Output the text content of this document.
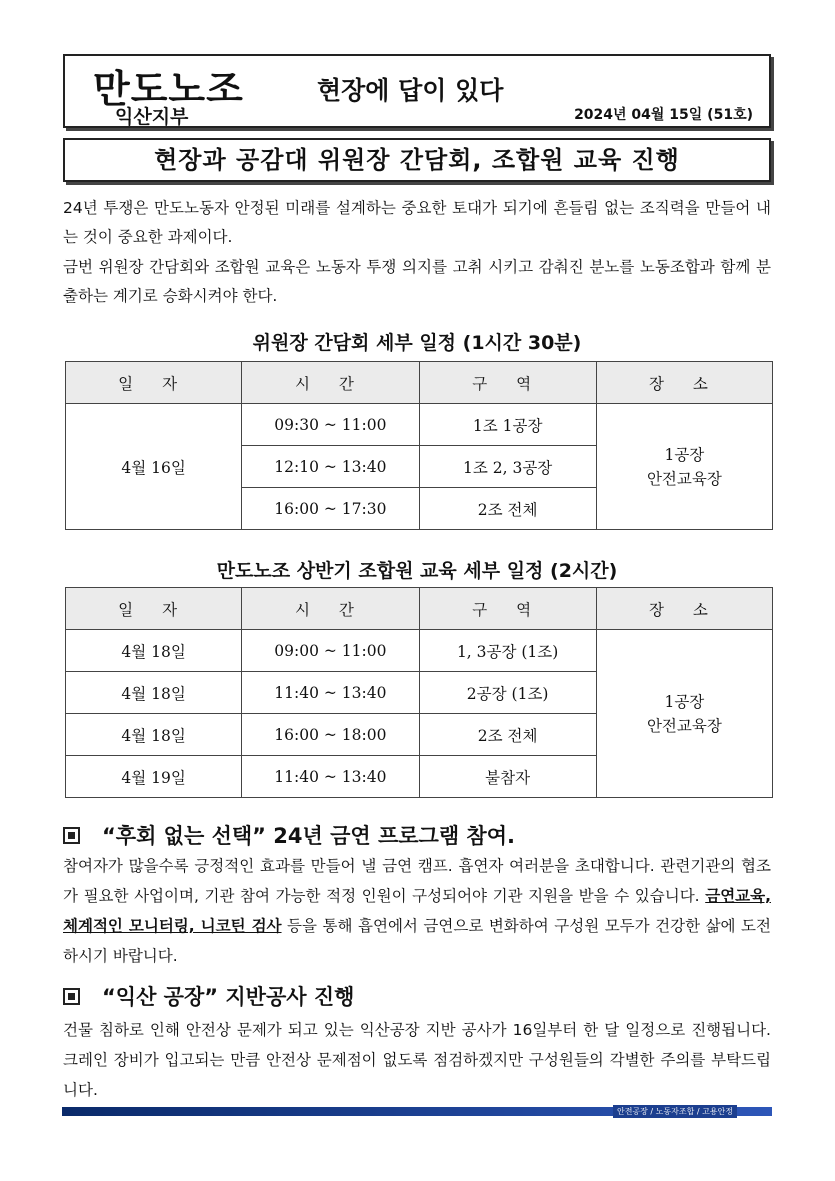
만도노조
익산지부
현장에 답이 있다
2024년 04월 15일 (51호)
현장과 공감대 위원장 간담회, 조합원 교육 진행
24년 투쟁은 만도노동자 안정된 미래를 설계하는 중요한 토대가 되기에 흔들림 없는 조직력을 만들어 내는 것이 중요한 과제이다.
금번 위원장 간담회와 조합원 교육은 노동자 투쟁 의지를 고취 시키고 감춰진 분노를 노동조합과 함께 분출하는 계기로 승화시켜야 한다.
위원장 간담회 세부 일정 (1시간 30분)
일 자	시 간	구 역	장 소
4월 16일	09:30 ~ 11:00	1조 1공장	1공장
안전교육장

	12:10 ~ 13:40	1조 2, 3공장	
	16:00 ~ 17:30	2조 전체	
만도노조 상반기 조합원 교육 세부 일정 (2시간)
일 자	시 간	구 역	장 소
4월 18일	09:00 ~ 11:00	1, 3공장 (1조)	1공장
안전교육장

4월 18일	11:40 ~ 13:40	2공장 (1조)	
4월 18일	16:00 ~ 18:00	2조 전체	
4월 19일	11:40 ~ 13:40	불참자	
“후회 없는 선택” 24년 금연 프로그램 참여.
참여자가 많을수록 긍정적인 효과를 만들어 낼 금연 캠프. 흡연자 여러분을 초대합니다. 관련기관의 협조가 필요한 사업이며, 기관 참여 가능한 적정 인원이 구성되어야 기관 지원을 받을 수 있습니다. 금연교육, 체계적인 모니터링, 니코틴 검사 등을 통해 흡연에서 금연으로 변화하여 구성원 모두가 건강한 삶에 도전하시기 바랍니다.
“익산 공장” 지반공사 진행
건물 침하로 인해 안전상 문제가 되고 있는 익산공장 지반 공사가 16일부터 한 달 일정으로 진행됩니다. 크레인 장비가 입고되는 만큼 안전상 문제점이 없도록 점검하겠지만 구성원들의 각별한 주의를 부탁드립니다.
안전공장 / 노동자조합 / 고용안정
